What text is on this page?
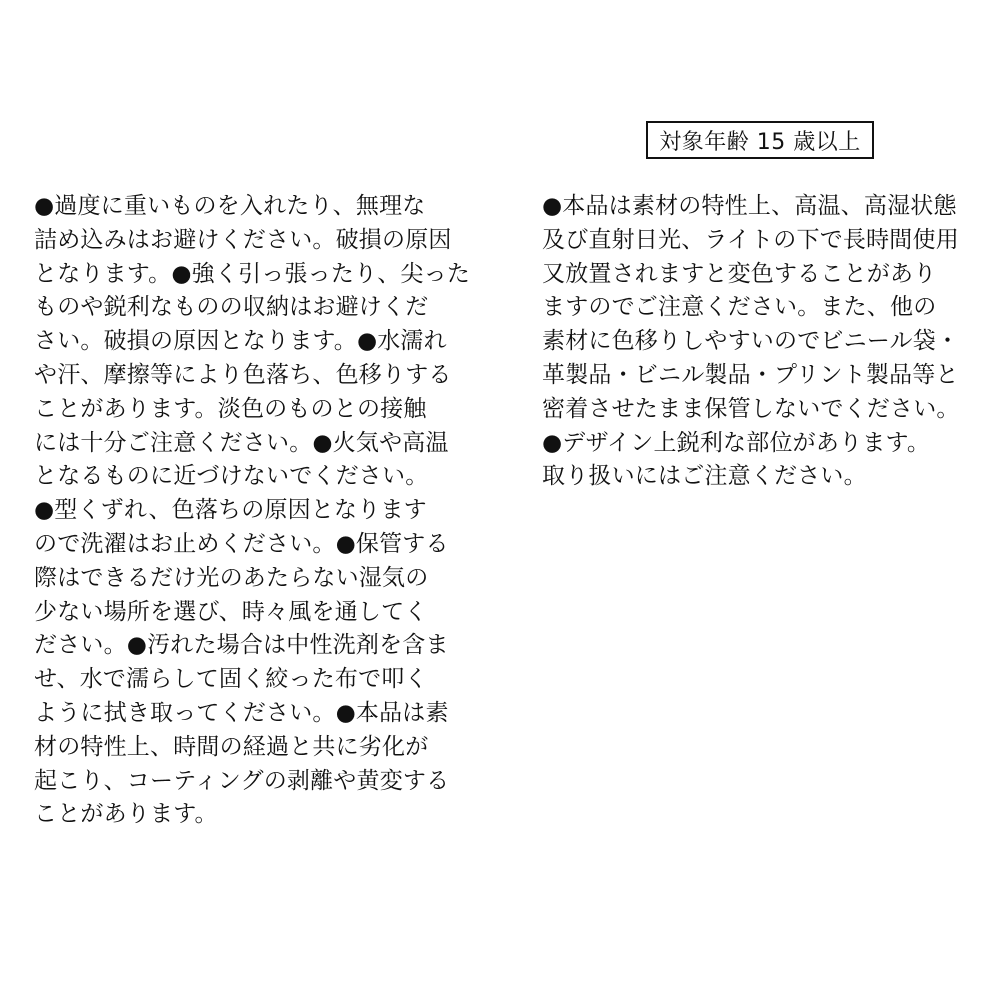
対象年齢 15 歳以上
●過度に重いものを入れたり、無理な
詰め込みはお避けください。破損の原因
となります。●強く引っ張ったり、尖った
ものや鋭利なものの収納はお避けくだ
さい。破損の原因となります。●水濡れ
や汗、摩擦等により色落ち、色移りする
ことがあります。淡色のものとの接触
には十分ご注意ください。●火気や高温
となるものに近づけないでください。
●型くずれ、色落ちの原因となります
ので洗濯はお止めください。●保管する
際はできるだけ光のあたらない湿気の
少ない場所を選び、時々風を通してく
ださい。●汚れた場合は中性洗剤を含ま
せ、水で濡らして固く絞った布で叩く
ように拭き取ってください。●本品は素
材の特性上、時間の経過と共に劣化が
起こり、コーティングの剥離や黄変する
ことがあります。
●本品は素材の特性上、高温、高湿状態
及び直射日光、ライトの下で長時間使用
又放置されますと変色することがあり
ますのでご注意ください。また、他の
素材に色移りしやすいのでビニール袋・
革製品・ビニル製品・プリント製品等と
密着させたまま保管しないでください。
●デザイン上鋭利な部位があります。
取り扱いにはご注意ください。
